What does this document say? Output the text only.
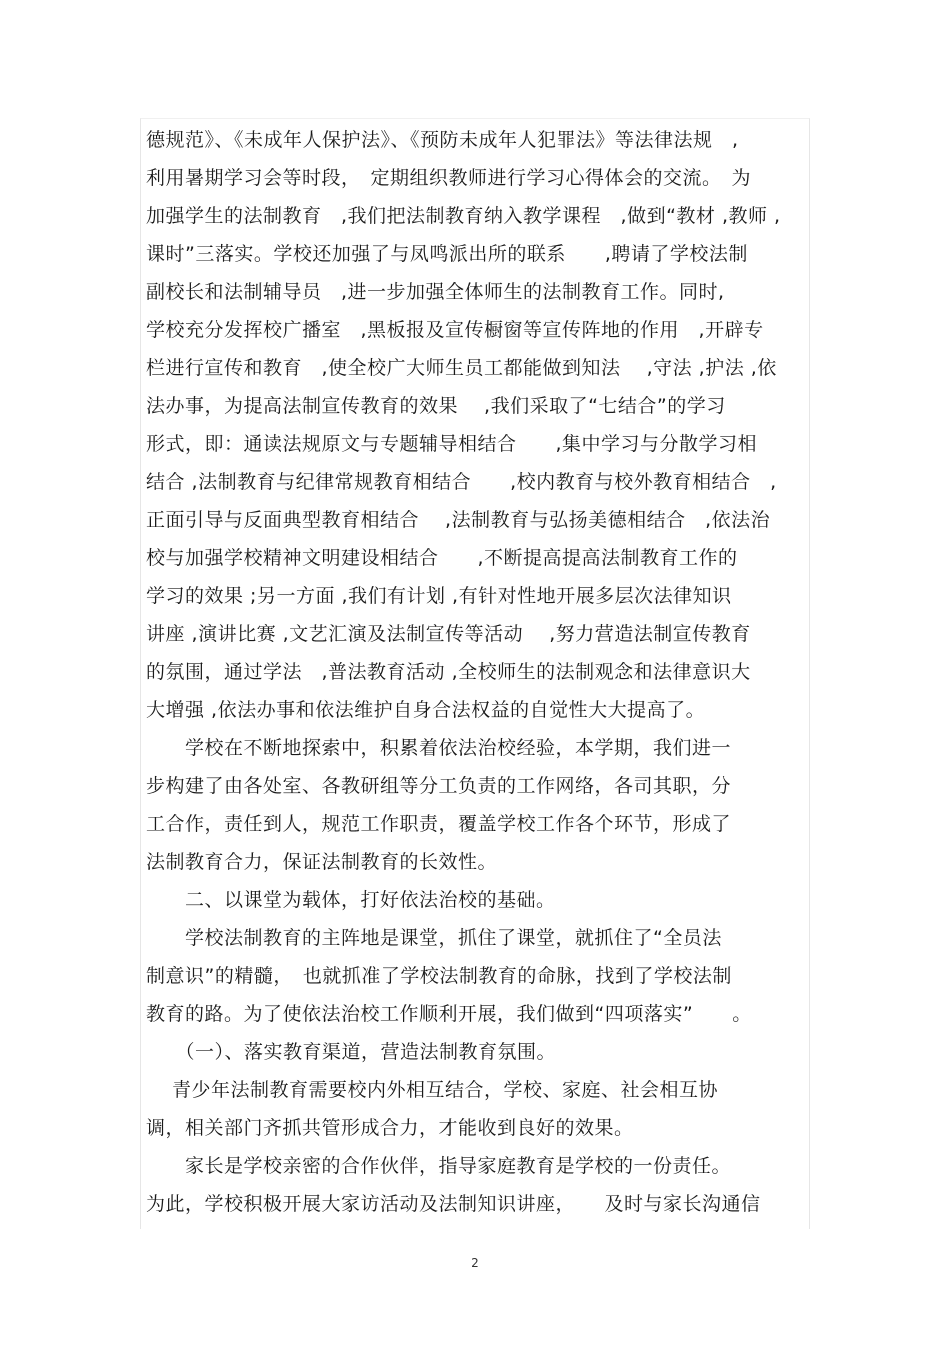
德规范》、《未成年人保护法》、《预防未成年人犯罪法》等法律法规　,
利用暑期学习会等时段，　定期组织教师进行学习心得体会的交流。　为
加强学生的法制教育　,我们把法制教育纳入教学课程　,做到“教材 ,教师 ,
课时”三落实。学校还加强了与凤鸣派出所的联系　　,聘请了学校法制
副校长和法制辅导员　,进一步加强全体师生的法制教育工作。同时,
学校充分发挥校广播室　,黑板报及宣传橱窗等宣传阵地的作用　,开辟专
栏进行宣传和教育　,使全校广大师生员工都能做到知法　 ,守法 ,护法 ,依
法办事，为提高法制宣传教育的效果　 ,我们采取了“七结合”的学习
形式，即：通读法规原文与专题辅导相结合　　,集中学习与分散学习相
结合 ,法制教育与纪律常规教育相结合　　,校内教育与校外教育相结合　,
正面引导与反面典型教育相结合　 ,法制教育与弘扬美德相结合　,依法治
校与加强学校精神文明建设相结合　　,不断提高提高法制教育工作的
学习的效果 ;另一方面 ,我们有计划 ,有针对性地开展多层次法律知识
讲座 ,演讲比赛 ,文艺汇演及法制宣传等活动　 ,努力营造法制宣传教育
的氛围，通过学法　,普法教育活动 ,全校师生的法制观念和法律意识大
大增强 ,依法办事和依法维护自身合法权益的自觉性大大提高了。
　　学校在不断地探索中，积累着依法治校经验，本学期，我们进一
步构建了由各处室、各教研组等分工负责的工作网络，各司其职，分
工合作，责任到人，规范工作职责，覆盖学校工作各个环节，形成了
法制教育合力，保证法制教育的长效性。
　　二、以课堂为载体，打好依法治校的基础。
　　学校法制教育的主阵地是课堂，抓住了课堂，就抓住了“全员法
制意识”的精髓，　也就抓准了学校法制教育的命脉，找到了学校法制
教育的路。为了使依法治校工作顺利开展，我们做到“四项落实”　　。
　　（一）、落实教育渠道，营造法制教育氛围。
　 青少年法制教育需要校内外相互结合，学校、家庭、社会相互协
调，相关部门齐抓共管形成合力，才能收到良好的效果。
　　家长是学校亲密的合作伙伴，指导家庭教育是学校的一份责任。
为此，学校积极开展大家访活动及法制知识讲座，　　及时与家长沟通信
2
